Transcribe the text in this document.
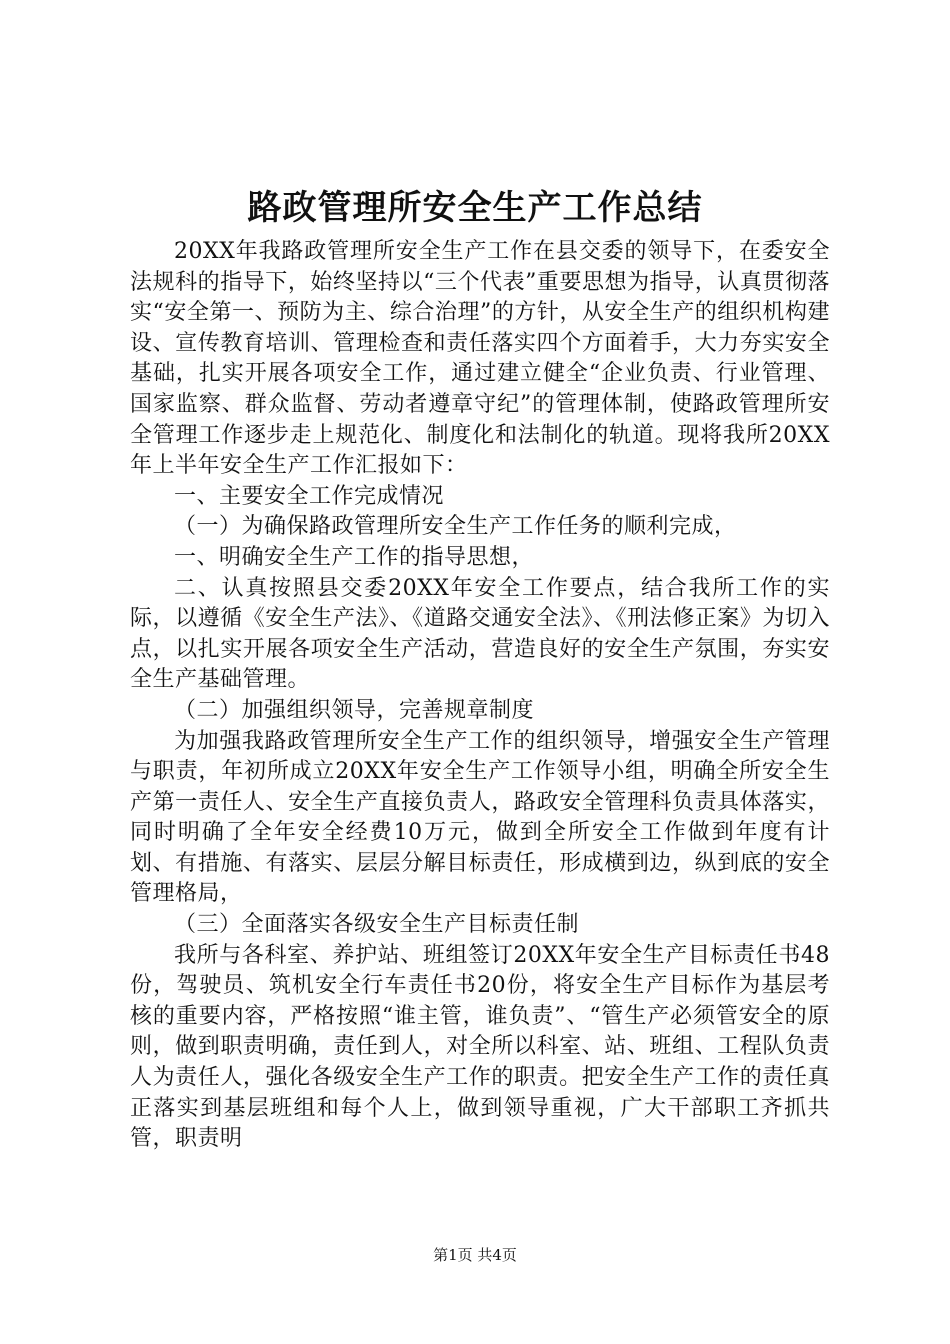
路政管理所安全生产工作总结

20XX年我路政管理所安全生产工作在县交委的领导下，在委安全法规科的指导下，始终坚持以“三个代表”重要思想为指导，认真贯彻落实“安全第一、预防为主、综合治理”的方针，从安全生产的组织机构建设、宣传教育培训、管理检查和责任落实四个方面着手，大力夯实安全基础，扎实开展各项安全工作，通过建立健全“企业负责、行业管理、国家监察、群众监督、劳动者遵章守纪”的管理体制，使路政管理所安全管理工作逐步走上规范化、制度化和法制化的轨道。现将我所20XX年上半年安全生产工作汇报如下：

一、主要安全工作完成情况

（一）为确保路政管理所安全生产工作任务的顺利完成，

一、明确安全生产工作的指导思想，

二、认真按照县交委20XX年安全工作要点，结合我所工作的实际，以遵循《安全生产法》、《道路交通安全法》、《刑法修正案》为切入点，以扎实开展各项安全生产活动，营造良好的安全生产氛围，夯实安全生产基础管理。

（二）加强组织领导，完善规章制度

为加强我路政管理所安全生产工作的组织领导，增强安全生产管理与职责，年初所成立20XX年安全生产工作领导小组，明确全所安全生产第一责任人、安全生产直接负责人，路政安全管理科负责具体落实，同时明确了全年安全经费10万元，做到全所安全工作做到年度有计划、有措施、有落实、层层分解目标责任，形成横到边，纵到底的安全管理格局，

（三）全面落实各级安全生产目标责任制

我所与各科室、养护站、班组签订20XX年安全生产目标责任书48份，驾驶员、筑机安全行车责任书20份，将安全生产目标作为基层考核的重要内容，严格按照“谁主管，谁负责”、“管生产必须管安全的原则，做到职责明确，责任到人，对全所以科室、站、班组、工程队负责人为责任人，强化各级安全生产工作的职责。把安全生产工作的责任真正落实到基层班组和每个人上，做到领导重视，广大干部职工齐抓共管，职责明

第1页 共4页
